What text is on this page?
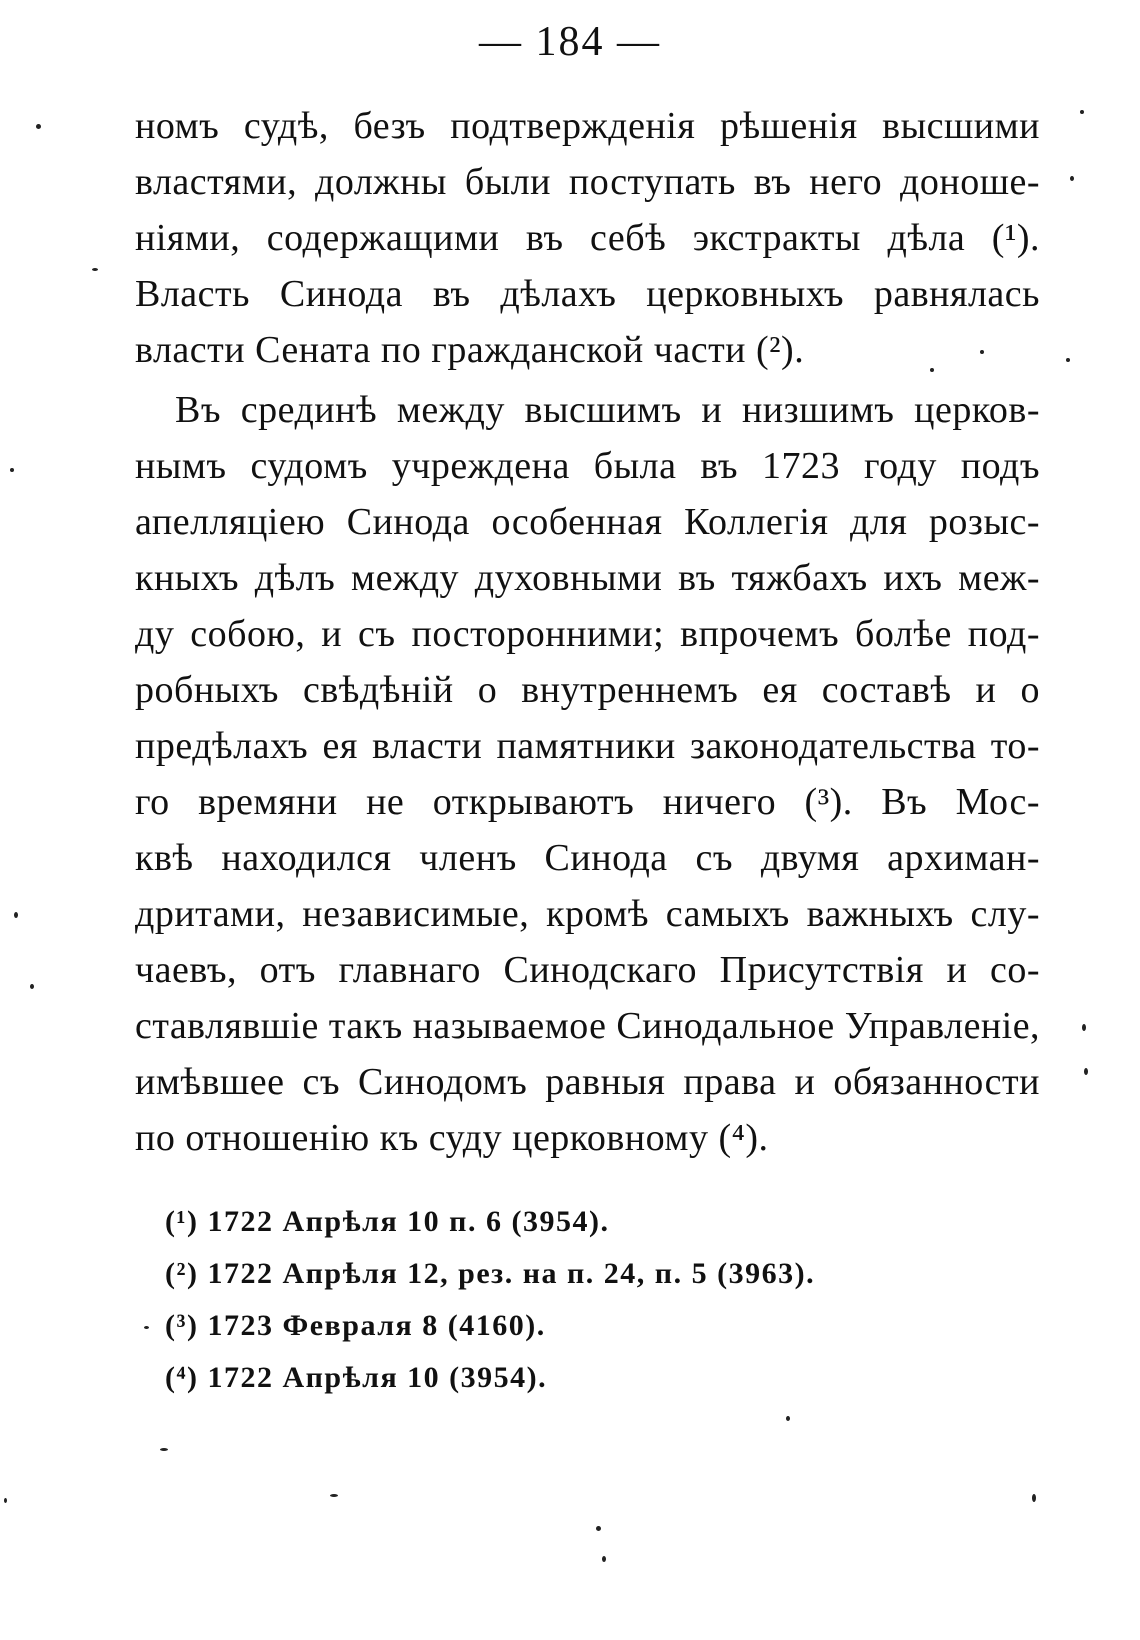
— 184 —
номъ судѣ, безъ подтвержденія рѣшенія высшими
властями, должны были поступать въ него доноше-
ніями, содержащими въ себѣ экстракты дѣла (¹).
Власть Синода въ дѣлахъ церковныхъ равнялась
власти Сената по гражданской части (²).
Въ срединѣ между высшимъ и низшимъ церков-
нымъ судомъ учреждена была въ 1723 году подъ
апелляціею Синода особенная Коллегія для розыс-
кныхъ дѣлъ между духовными въ тяжбахъ ихъ меж-
ду собою, и съ посторонними; впрочемъ болѣе под-
робныхъ свѣдѣній о внутреннемъ ея составѣ и о
предѣлахъ ея власти памятники законодательства то-
го времяни не открываютъ ничего (³). Въ Мос-
квѣ находился членъ Синода съ двумя архиман-
дритами, независимые, кромѣ самыхъ важныхъ слу-
чаевъ, отъ главнаго Синодскаго Присутствія и со-
ставлявшіе такъ называемое Синодальное Управленіе,
имѣвшее съ Синодомъ равныя права и обязанности
по отношенію къ суду церковному (⁴).
(¹) 1722 Апрѣля 10 п. 6 (3954).
(²) 1722 Апрѣля 12, рез. на п. 24, п. 5 (3963).
(³) 1723 Февраля 8 (4160).
(⁴) 1722 Апрѣля 10 (3954).
